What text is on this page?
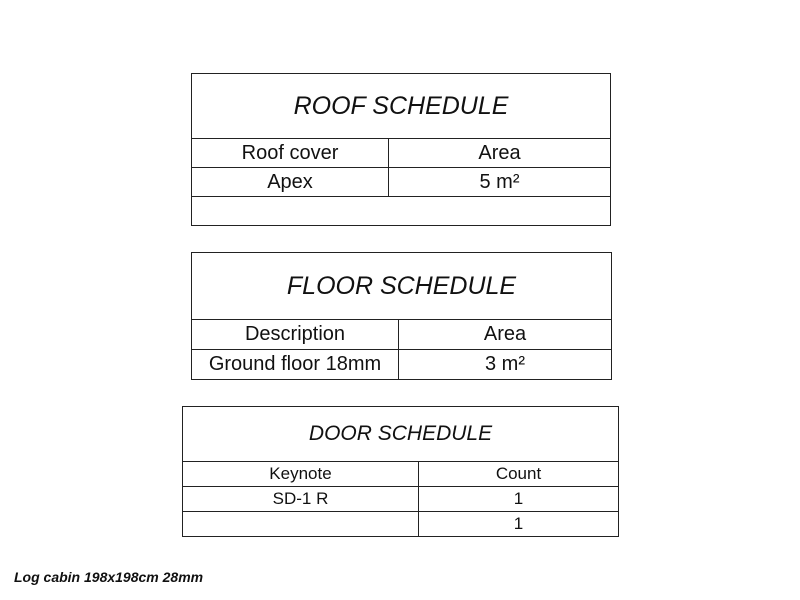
ROOF SCHEDULE	
Roof cover	Area
Apex	5 m²

FLOOR SCHEDULE	
Description	Area
Ground floor 18mm	3 m²
DOOR SCHEDULE	
Keynote	Count
SD-1 R	1
	1
Log cabin 198x198cm 28mm
